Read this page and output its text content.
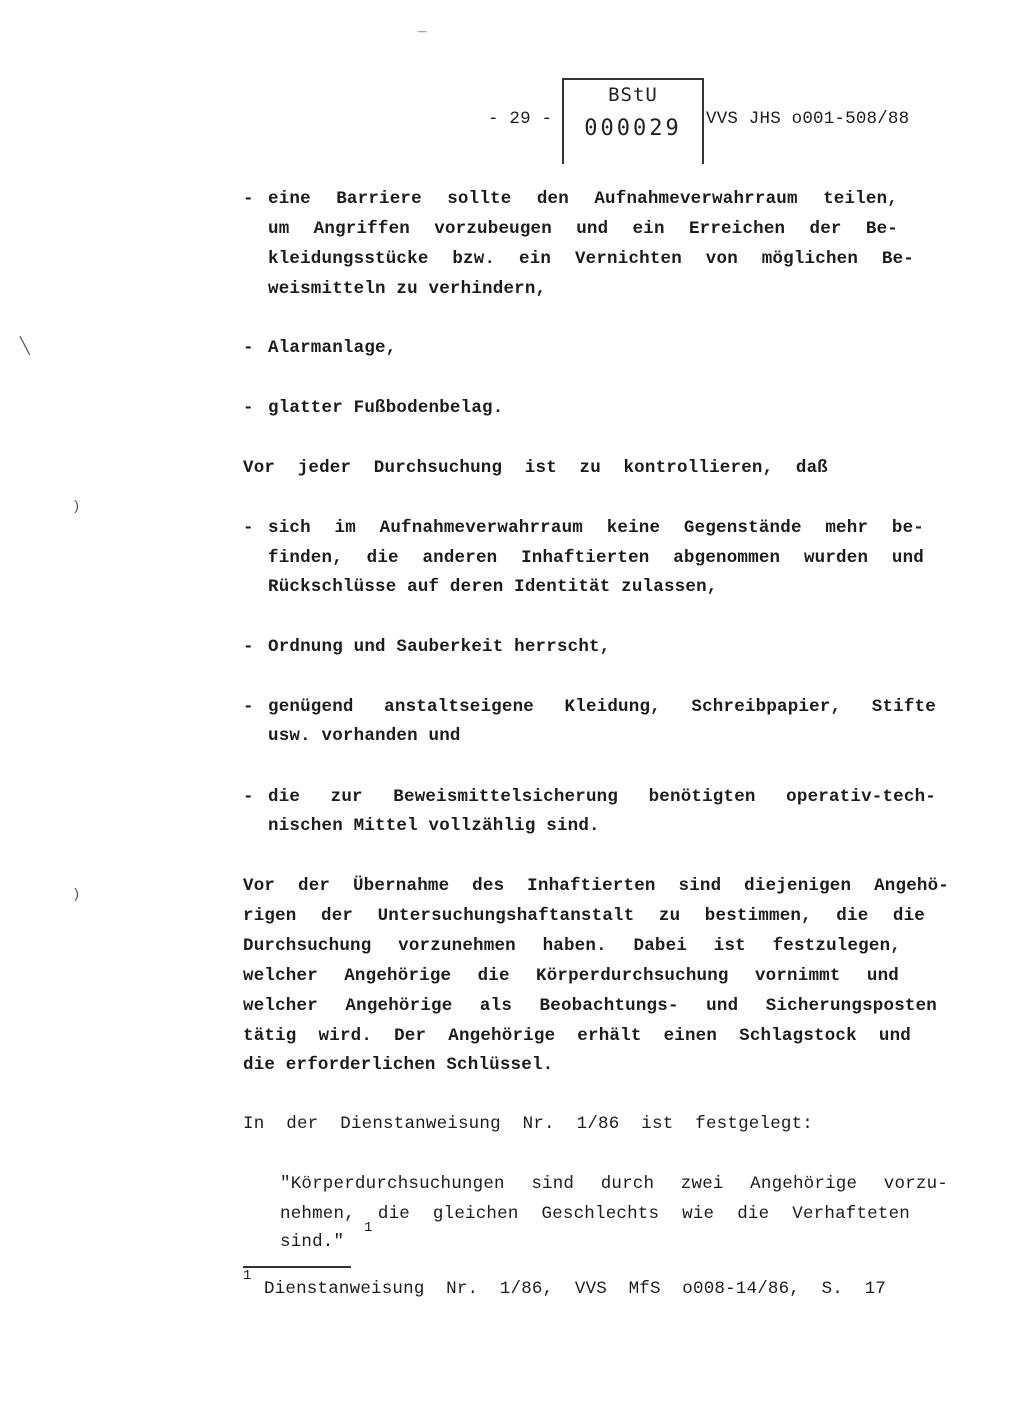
‾
╲
)
)
- 29 -
BStU
000029	VVS JHS o001-508/88
- eine Barriere sollte den Aufnahmeverwahrraum teilen,
um Angriffen vorzubeugen und ein Erreichen der Be-
kleidungsstücke bzw. ein Vernichten von möglichen Be-
weismitteln zu verhindern,
- Alarmanlage,
- glatter Fußbodenbelag.
Vor jeder Durchsuchung ist zu kontrollieren, daß
- sich im Aufnahmeverwahrraum keine Gegenstände mehr be-
finden, die anderen Inhaftierten abgenommen wurden und
Rückschlüsse auf deren Identität zulassen,
- Ordnung und Sauberkeit herrscht,
- genügend anstaltseigene Kleidung, Schreibpapier, Stifte
usw. vorhanden und
- die zur Beweismittelsicherung benötigten operativ-tech-
nischen Mittel vollzählig sind.
Vor der Übernahme des Inhaftierten sind diejenigen Angehö-
rigen der Untersuchungshaftanstalt zu bestimmen, die die
Durchsuchung vorzunehmen haben. Dabei ist festzulegen,
welcher Angehörige die Körperdurchsuchung vornimmt und
welcher Angehörige als Beobachtungs- und Sicherungsposten
tätig wird. Der Angehörige erhält einen Schlagstock und
die erforderlichen Schlüssel.
In der Dienstanweisung Nr. 1/86 ist festgelegt:
"Körperdurchsuchungen sind durch zwei Angehörige vorzu-
nehmen, die gleichen Geschlechts wie die Verhafteten
sind."
1
1
Dienstanweisung Nr. 1/86, VVS MfS o008-14/86, S. 17
